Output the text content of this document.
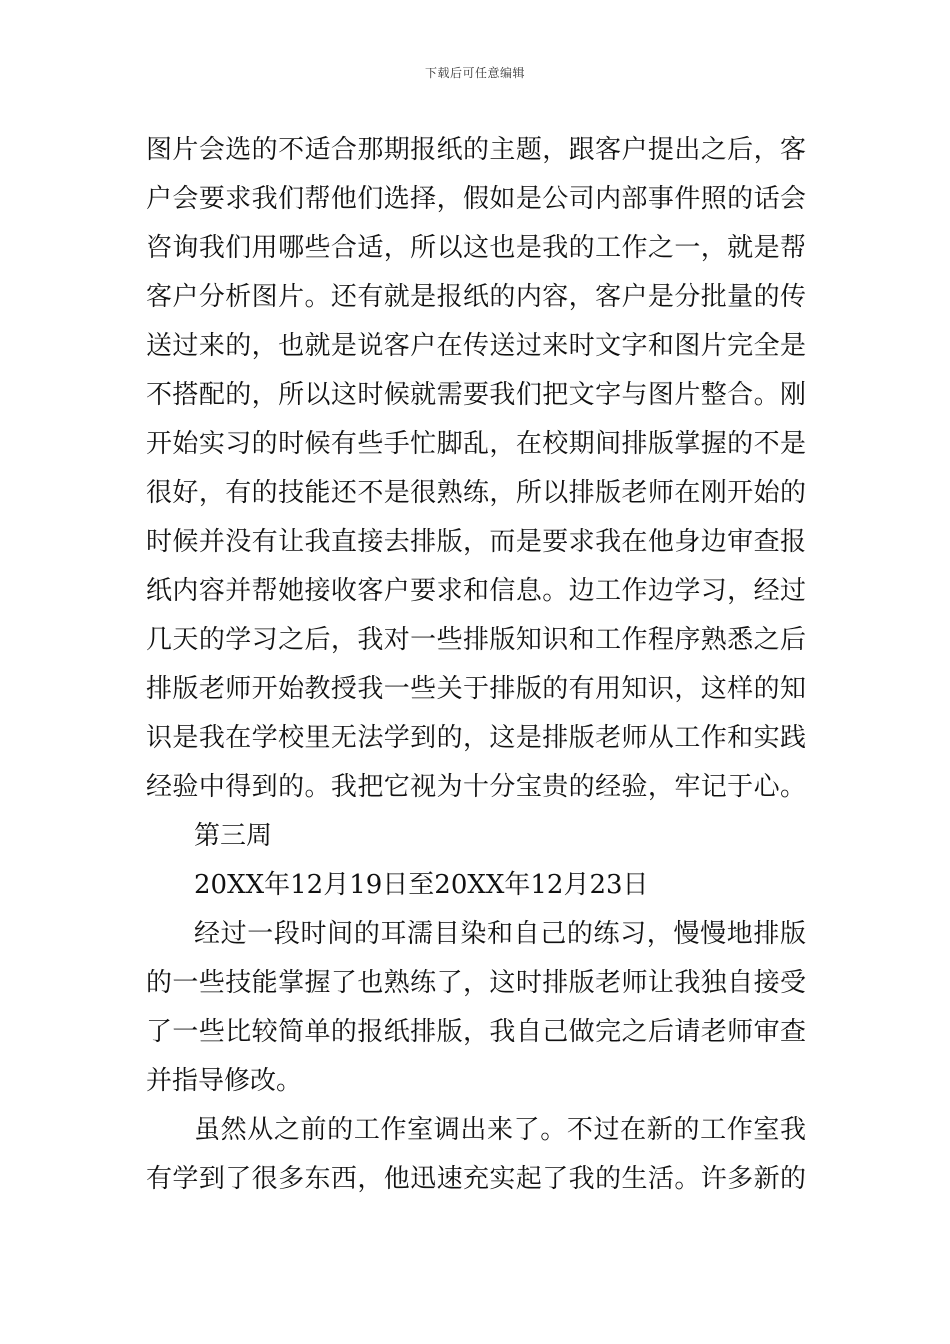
下载后可任意编辑
图片会选的不适合那期报纸的主题，跟客户提出之后，客
户会要求我们帮他们选择，假如是公司内部事件照的话会
咨询我们用哪些合适，所以这也是我的工作之一，就是帮
客户分析图片。还有就是报纸的内容，客户是分批量的传
送过来的，也就是说客户在传送过来时文字和图片完全是
不搭配的，所以这时候就需要我们把文字与图片整合。刚
开始实习的时候有些手忙脚乱，在校期间排版掌握的不是
很好，有的技能还不是很熟练，所以排版老师在刚开始的
时候并没有让我直接去排版，而是要求我在他身边审查报
纸内容并帮她接收客户要求和信息。边工作边学习，经过
几天的学习之后，我对一些排版知识和工作程序熟悉之后
排版老师开始教授我一些关于排版的有用知识，这样的知
识是我在学校里无法学到的，这是排版老师从工作和实践
经验中得到的。我把它视为十分宝贵的经验，牢记于心。
第三周
20XX年12月19日至20XX年12月23日
经过一段时间的耳濡目染和自己的练习，慢慢地排版
的一些技能掌握了也熟练了，这时排版老师让我独自接受
了一些比较简单的报纸排版，我自己做完之后请老师审查
并指导修改。
虽然从之前的工作室调出来了。不过在新的工作室我
有学到了很多东西，他迅速充实起了我的生活。许多新的
